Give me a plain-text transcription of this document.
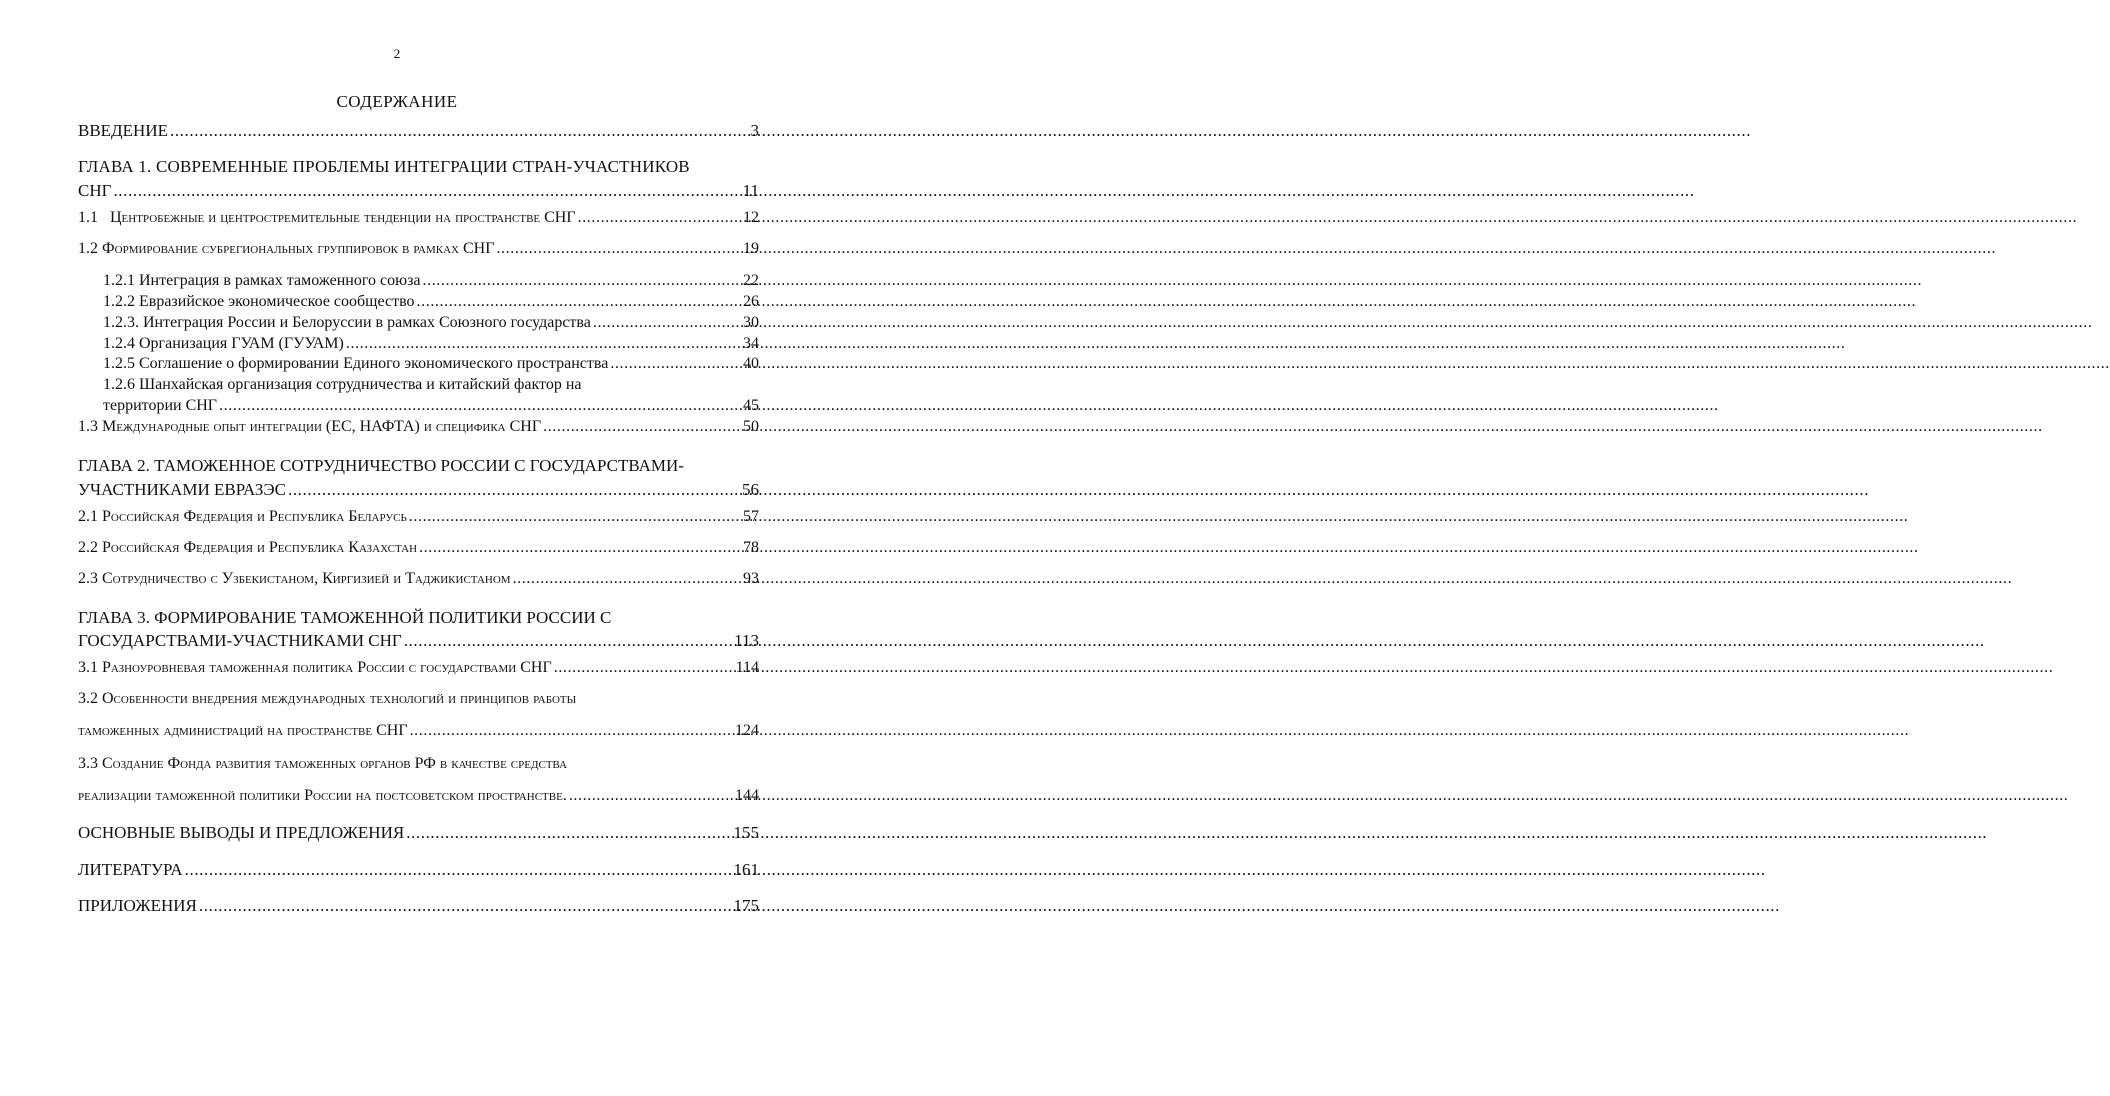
2
СОДЕРЖАНИЕ
ВВЕДЕНИЕ .....	3
ГЛАВА 1. СОВРЕМЕННЫЕ ПРОБЛЕМЫ ИНТЕГРАЦИИ СТРАН-УЧАСТНИКОВ
СНГ .....	11
1.1   Центробежные и центростремительные тенденции на пространстве СНГ .....	12
1.2 Формирование субрегиональных группировок в рамках СНГ .....	19
1.2.1 Интеграция в рамках таможенного союза .....	22
1.2.2 Евразийское экономическое сообщество .....	26
1.2.3. Интеграция России и Белоруссии в рамках Союзного государства .....	30
1.2.4 Организация ГУАМ (ГУУАМ) .....	34
1.2.5 Соглашение о формировании Единого экономического пространства .....	40
1.2.6 Шанхайская организация сотрудничества и китайский фактор на
территории СНГ .....	45
1.3 Международные опыт интеграции (ЕС, НАФТА) и специфика СНГ .....	50
ГЛАВА 2. ТАМОЖЕННОЕ СОТРУДНИЧЕСТВО РОССИИ С ГОСУДАРСТВАМИ-
УЧАСТНИКАМИ ЕВРАЗЭС .....	56
2.1 Российская Федерация и Республика Беларусь .....	57
2.2 Российская Федерация и Республика Казахстан .....	78
2.3 Сотрудничество с Узбекистаном, Киргизией и Таджикистаном .....	93
ГЛАВА 3. ФОРМИРОВАНИЕ ТАМОЖЕННОЙ ПОЛИТИКИ РОССИИ С
ГОСУДАРСТВАМИ-УЧАСТНИКАМИ СНГ .....	113
3.1 Разноуровневая таможенная политика России с государствами СНГ .....	114
3.2 Особенности внедрения международных технологий и принципов работы
таможенных администраций на пространстве СНГ .....	124
3.3 Создание Фонда развития таможенных органов РФ в качестве средства
реализации таможенной политики России на постсоветском пространстве. .....	144
ОСНОВНЫЕ ВЫВОДЫ И ПРЕДЛОЖЕНИЯ .....	155
ЛИТЕРАТУРА .....	161
ПРИЛОЖЕНИЯ .....	175
